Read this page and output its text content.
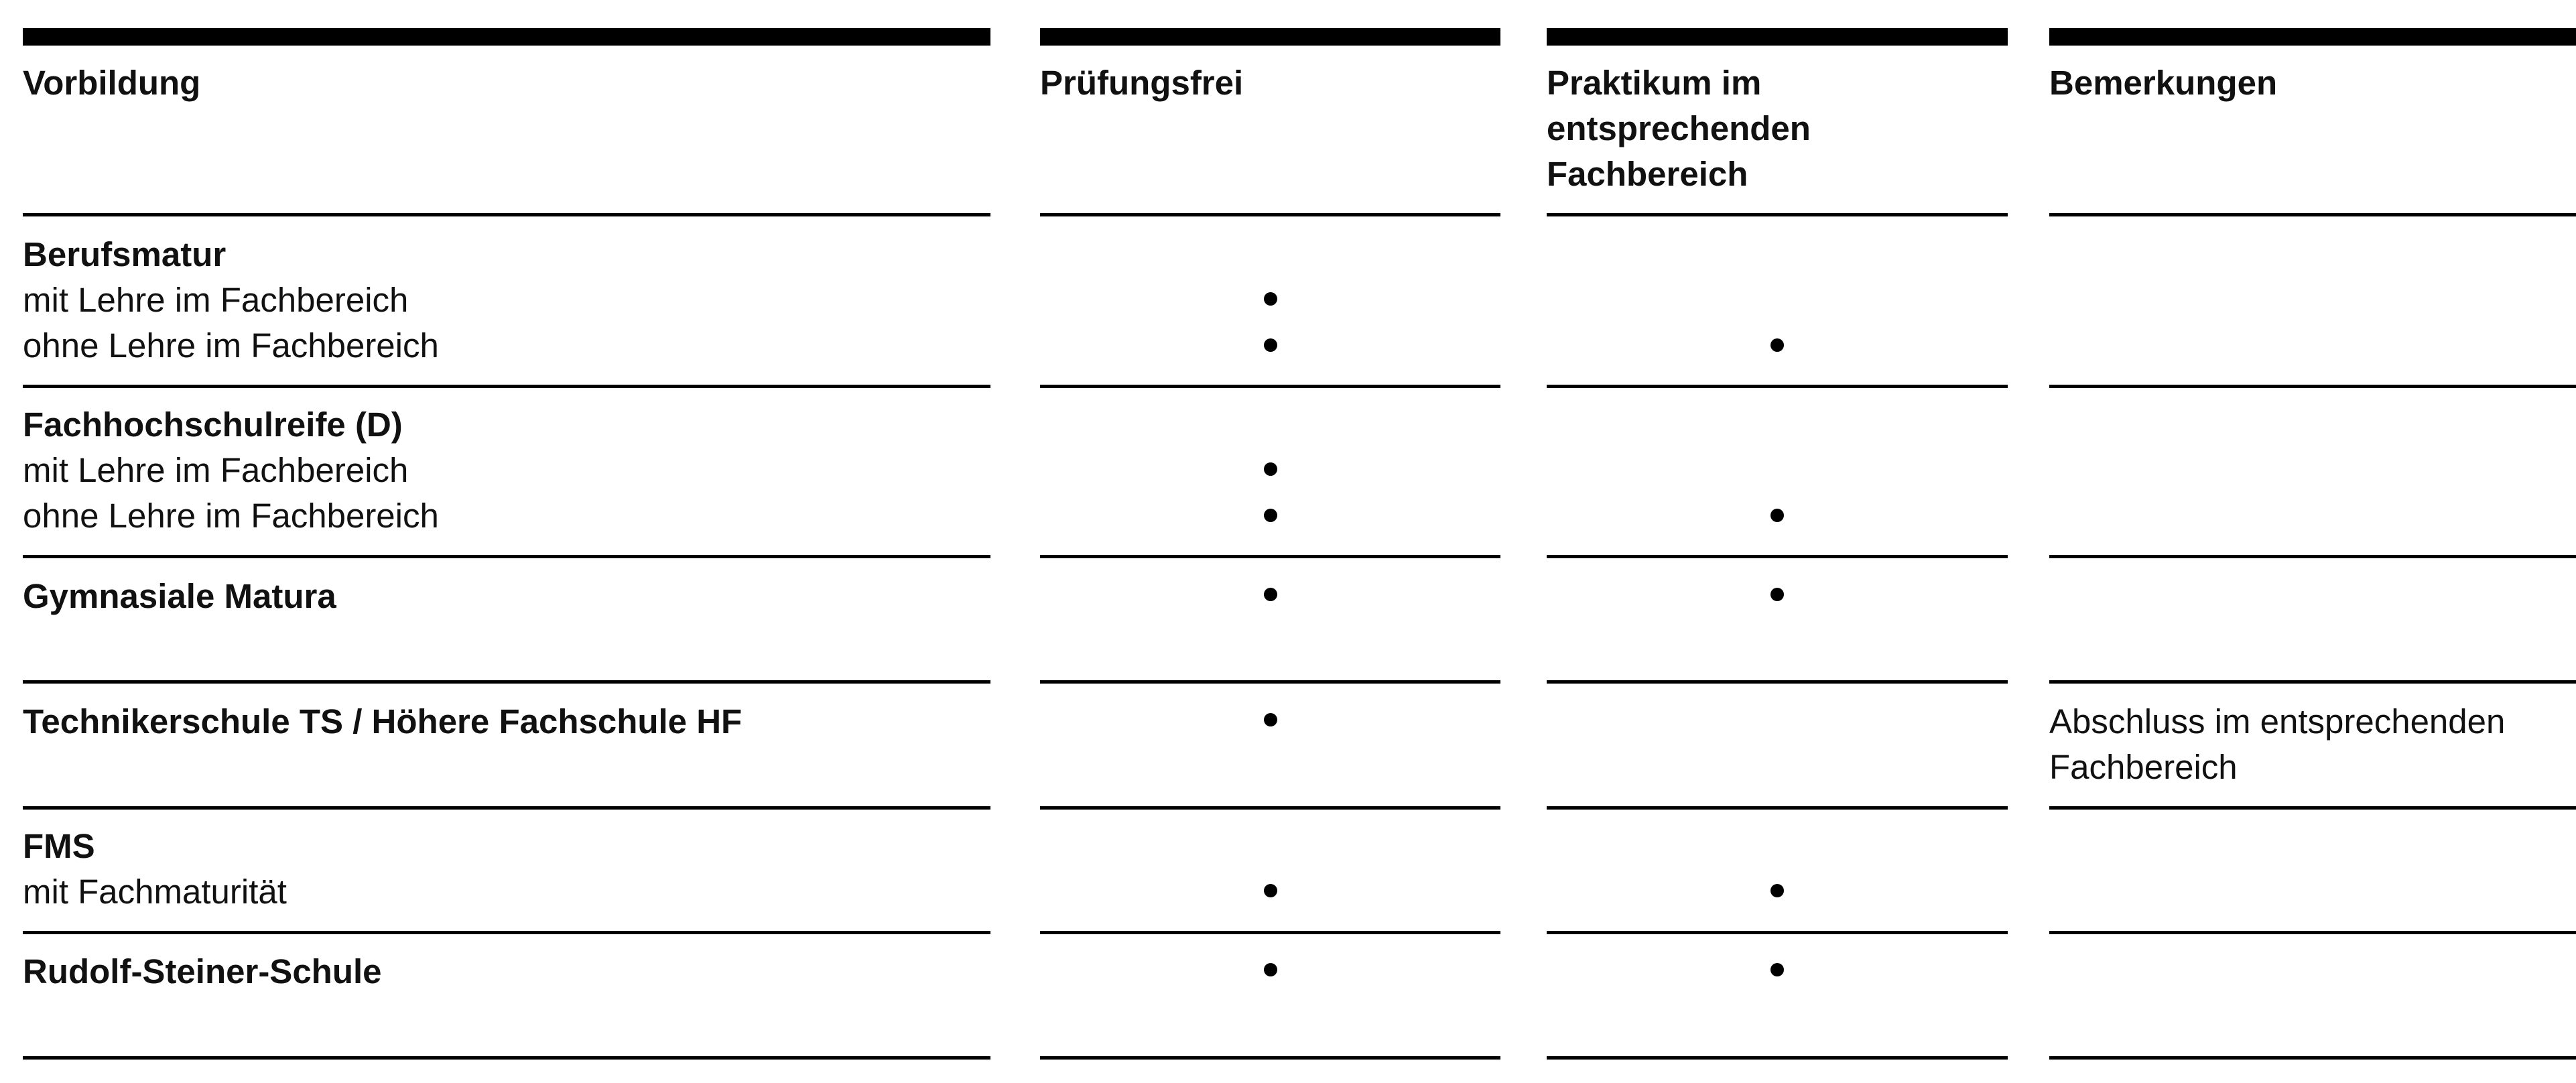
Vorbildung
Berufsmatur
mit Lehre im Fachbereich
ohne Lehre im Fachbereich
Fachhochschulreife (D)
mit Lehre im Fachbereich
ohne Lehre im Fachbereich
Gymnasiale Matura
Technikerschule TS / Höhere Fachschule HF
FMS
mit Fachmaturität
Rudolf-Steiner-Schule
Prüfungsfrei	Praktikum im
entsprechenden
Fachbereich
Bemerkungen
Abschluss im entsprechenden
Fachbereich
